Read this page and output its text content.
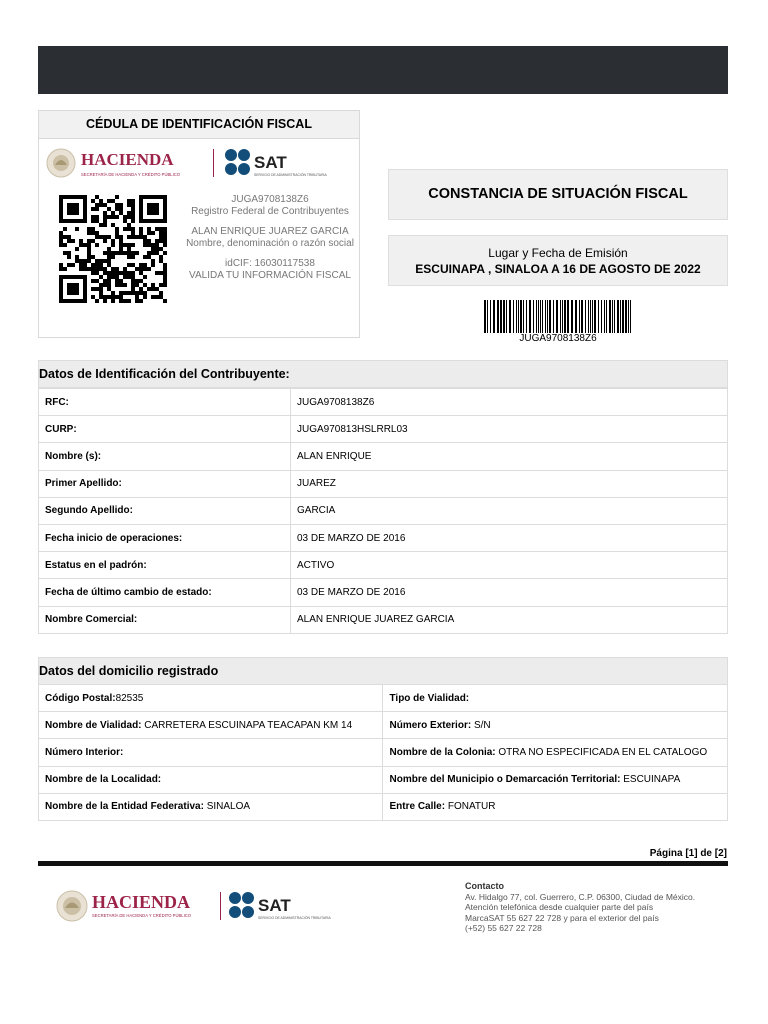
CÉDULA DE IDENTIFICACIÓN FISCAL
HACIENDA
SECRETARÍA DE HACIENDA Y CRÉDITO PÚBLICO
SAT
SERVICIO DE ADMINISTRACIÓN TRIBUTARIA
JUGA9708138Z6
Registro Federal de Contribuyentes
ALAN ENRIQUE JUAREZ GARCIA
Nombre, denominación o razón social
idCIF: 16030117538
VALIDA TU INFORMACIÓN FISCAL
CONSTANCIA DE SITUACIÓN FISCAL
Lugar y Fecha de Emisión
ESCUINAPA , SINALOA A 16 DE AGOSTO DE 2022
JUGA9708138Z6
Datos de Identificación del Contribuyente:
RFC:	JUGA9708138Z6
CURP:	JUGA970813HSLRRL03
Nombre (s):	ALAN ENRIQUE
Primer Apellido:	JUAREZ
Segundo Apellido:	GARCIA
Fecha inicio de operaciones:	03 DE MARZO DE 2016
Estatus en el padrón:	ACTIVO
Fecha de último cambio de estado:	03 DE MARZO DE 2016
Nombre Comercial:	ALAN ENRIQUE JUAREZ GARCIA
Datos del domicilio registrado
Código Postal:82535	Tipo de Vialidad:
Nombre de Vialidad: CARRETERA ESCUINAPA TEACAPAN KM 14	Número Exterior: S/N
Número Interior:	Nombre de la Colonia: OTRA NO ESPECIFICADA EN EL CATALOGO
Nombre de la Localidad:	Nombre del Municipio o Demarcación Territorial: ESCUINAPA
Nombre de la Entidad Federativa: SINALOA	Entre Calle: FONATUR
Página [1] de [2]
HACIENDA
SECRETARÍA DE HACIENDA Y CRÉDITO PÚBLICO
SAT
SERVICIO DE ADMINISTRACIÓN TRIBUTARIA
Contacto
Av. Hidalgo 77, col. Guerrero, C.P. 06300, Ciudad de México.
Atención telefónica desde cualquier parte del país
MarcaSAT 55 627 22 728 y para el exterior del país
(+52) 55 627 22 728
